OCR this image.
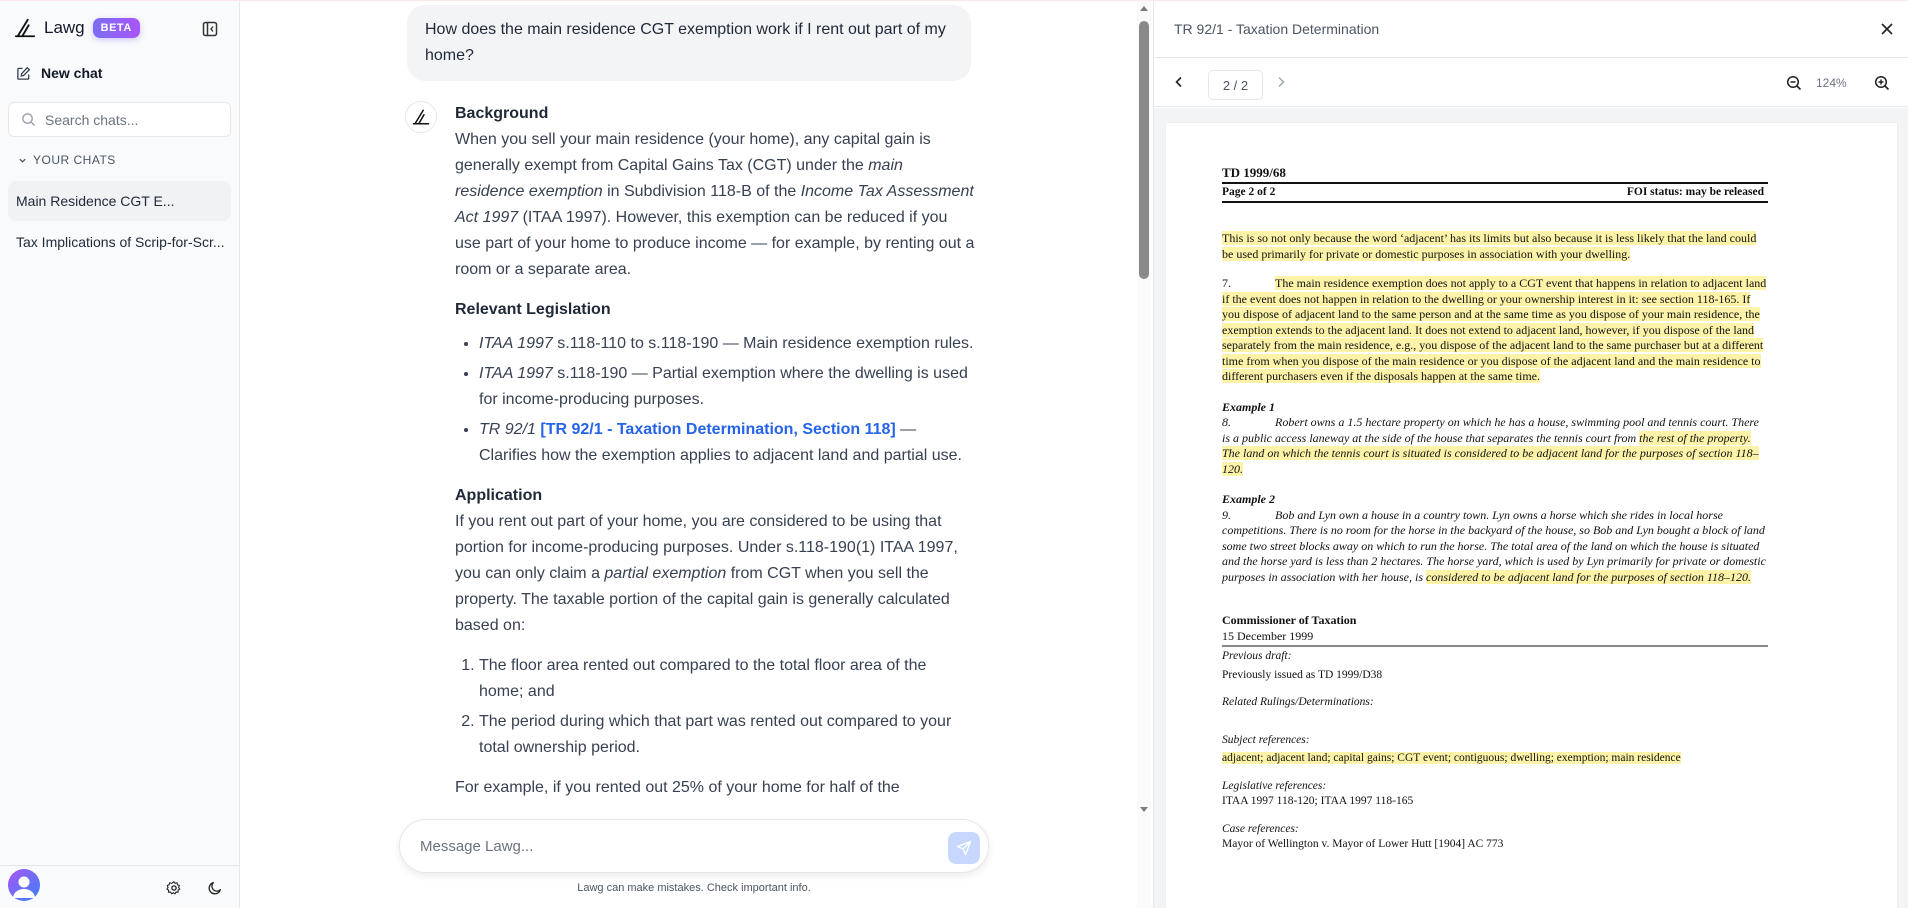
Lawg	BETA
New chat
Search chats...
YOUR CHATS
Main Residence CGT E...
Tax Implications of Scrip-for-Scr...
How does the main residence CGT exemption work if I rent out part of my home?
Background

When you sell your main residence (your home), any capital gain is generally exempt from Capital Gains Tax (CGT) under the main residence exemption in Subdivision 118-B of the Income Tax Assessment Act 1997 (ITAA 1997). However, this exemption can be reduced if you use part of your home to produce income — for example, by renting out a room or a separate area.

Relevant Legislation
• ITAA 1997 s.118-110 to s.118-190 — Main residence exemption rules.
• ITAA 1997 s.118-190 — Partial exemption where the dwelling is used for income-producing purposes.
• TR 92/1 [TR 92/1 - Taxation Determination, Section 118] — Clarifies how the exemption applies to adjacent land and partial use.
Application

If you rent out part of your home, you are considered to be using that portion for income-producing purposes. Under s.118-190(1) ITAA 1997, you can only claim a partial exemption from CGT when you sell the property. The taxable portion of the capital gain is generally calculated based on:

1. The floor area rented out compared to the total floor area of the home; and
2. The period during which that part was rented out compared to your total ownership period.

For example, if you rented out 25% of your home for half of the

Message Lawg...
Lawg can make mistakes. Check important info.
TR 92/1 - Taxation Determination
2 / 2	124%
TD 1999/68
Page 2 of 2	FOI status: may be released
This is so not only because the word ‘adjacent’ has its limits but also because it is less likely that the land could be used primarily for private or domestic purposes in association with your dwelling.
7.	The main residence exemption does not apply to a CGT event that happens in relation to adjacent land if the event does not happen in relation to the dwelling or your ownership interest in it: see section 118-165. If you dispose of adjacent land to the same person and at the same time as you dispose of your main residence, the exemption extends to the adjacent land. It does not extend to adjacent land, however, if you dispose of the land separately from the main residence, e.g., you dispose of the adjacent land to the same purchaser but at a different time from when you dispose of the main residence or you dispose of the adjacent land and the main residence to different purchasers even if the disposals happen at the same time.
Example 1
8.	Robert owns a 1.5 hectare property on which he has a house, swimming pool and tennis court. There is a public access laneway at the side of the house that separates the tennis court from the rest of the property. The land on which the tennis court is situated is considered to be adjacent land for the purposes of section 118–120.
Example 2
9.	Bob and Lyn own a house in a country town. Lyn owns a horse which she rides in local horse competitions. There is no room for the horse in the backyard of the house, so Bob and Lyn bought a block of land some two street blocks away on which to run the horse. The total area of the land on which the house is situated and the horse yard is less than 2 hectares. The horse yard, which is used by Lyn primarily for private or domestic purposes in association with her house, is considered to be adjacent land for the purposes of section 118–120.
Commissioner of Taxation
15 December 1999
Previous draft:
Previously issued as TD 1999/D38
Related Rulings/Determinations:
Subject references:
adjacent; adjacent land; capital gains; CGT event; contiguous; dwelling; exemption; main residence
Legislative references:
ITAA 1997 118-120; ITAA 1997 118-165
Case references:
Mayor of Wellington v. Mayor of Lower Hutt [1904] AC 773
